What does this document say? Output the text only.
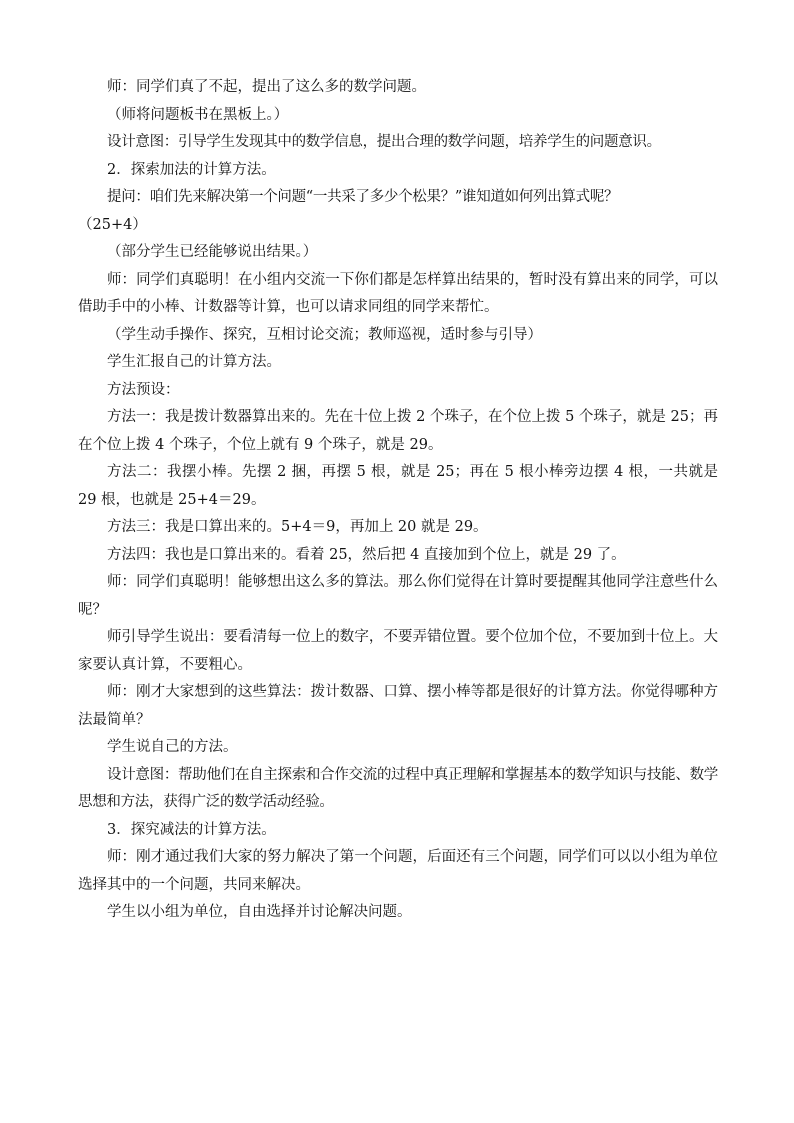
师：同学们真了不起，提出了这么多的数学问题。

（师将问题板书在黑板上。）

设计意图：引导学生发现其中的数学信息，提出合理的数学问题，培养学生的问题意识。

2．探索加法的计算方法。

提问：咱们先来解决第一个问题“一共采了多少个松果？”谁知道如何列出算式呢？

（25+4）

（部分学生已经能够说出结果。）

师：同学们真聪明！在小组内交流一下你们都是怎样算出结果的，暂时没有算出来的同学，可以借助手中的小棒、计数器等计算，也可以请求同组的同学来帮忙。

（学生动手操作、探究，互相讨论交流；教师巡视，适时参与引导）

学生汇报自己的计算方法。

方法预设：

方法一：我是拨计数器算出来的。先在十位上拨 2 个珠子，在个位上拨 5 个珠子，就是 25；再在个位上拨 4 个珠子，个位上就有 9 个珠子，就是 29。

方法二：我摆小棒。先摆 2 捆，再摆 5 根，就是 25；再在 5 根小棒旁边摆 4 根，一共就是 29 根，也就是 25+4＝29。

方法三：我是口算出来的。5+4＝9，再加上 20 就是 29。

方法四：我也是口算出来的。看着 25，然后把 4 直接加到个位上，就是 29 了。

师：同学们真聪明！能够想出这么多的算法。那么你们觉得在计算时要提醒其他同学注意些什么呢？

师引导学生说出：要看清每一位上的数字，不要弄错位置。要个位加个位，不要加到十位上。大家要认真计算，不要粗心。

师：刚才大家想到的这些算法：拨计数器、口算、摆小棒等都是很好的计算方法。你觉得哪种方法最简单？

学生说自己的方法。

设计意图：帮助他们在自主探索和合作交流的过程中真正理解和掌握基本的数学知识与技能、数学思想和方法，获得广泛的数学活动经验。

3．探究减法的计算方法。

师：刚才通过我们大家的努力解决了第一个问题，后面还有三个问题，同学们可以以小组为单位选择其中的一个问题，共同来解决。

学生以小组为单位，自由选择并讨论解决问题。
